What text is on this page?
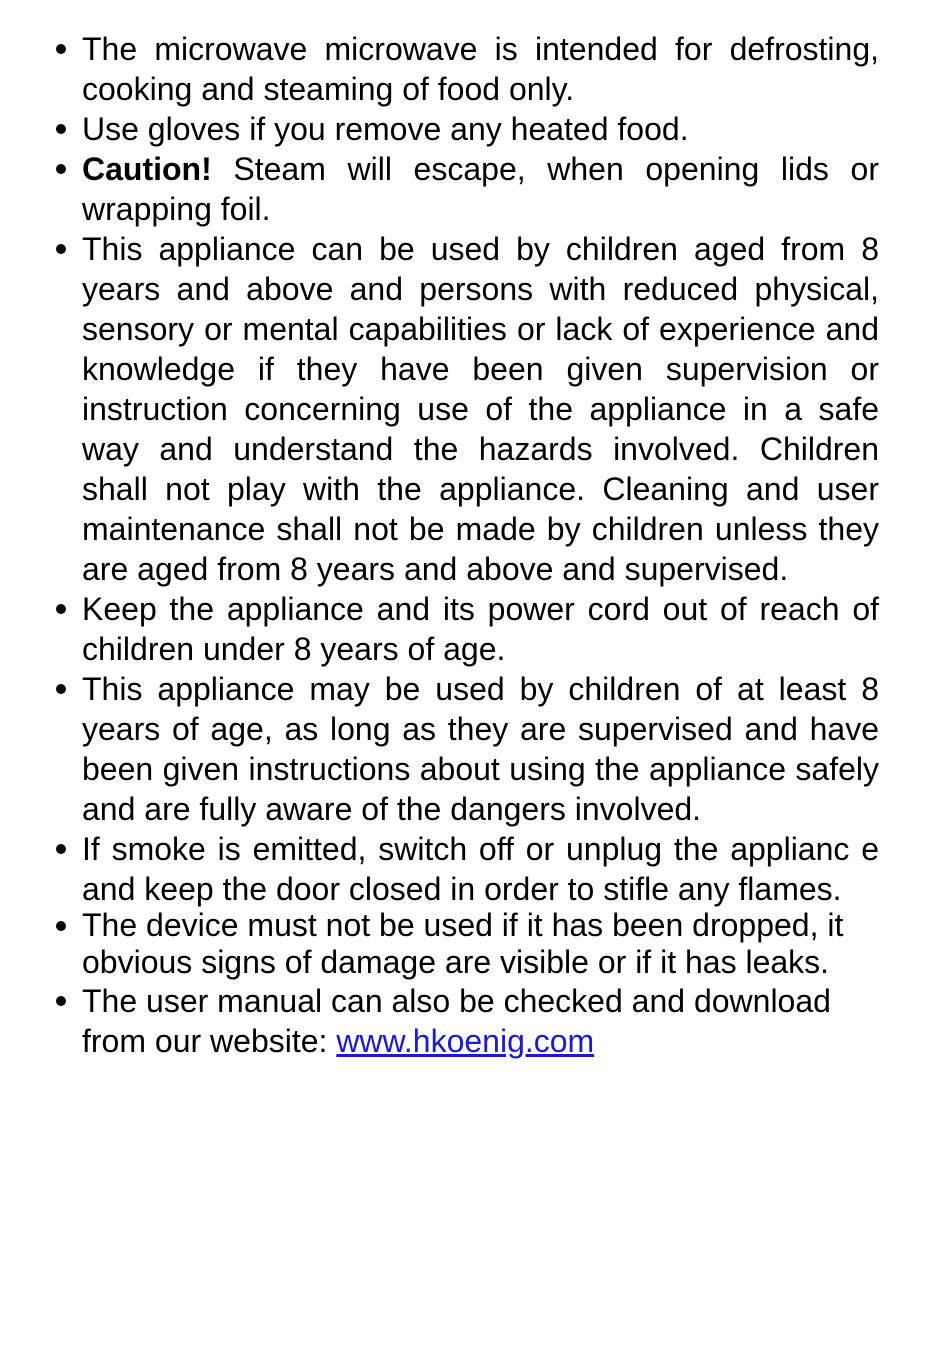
The microwave microwave is intended for defrosting, cooking and steaming of food only.
Use gloves if you remove any heated food.
Caution! Steam will escape, when opening lids or wrapping foil.
This appliance can be used by children aged from 8 years and above and persons with reduced physical, sensory or mental capabilities or lack of experience and knowledge if they have been given supervision or instruction concerning use of the appliance in a safe way and understand the hazards involved. Children shall not play with the appliance. Cleaning and user maintenance shall not be made by children unless they are aged from 8 years and above and supervised.
Keep the appliance and its power cord out of reach of children under 8 years of age.
This appliance may be used by children of at least 8 years of age, as long as they are supervised and have been given instructions about using the appliance safely and are fully aware of the dangers involved.
If smoke is emitted, switch off or unplug the applianc e and keep the door closed in order to stifle any flames.
The device must not be used if it has been dropped, it obvious signs of damage are visible or if it has leaks.
The user manual can also be checked and download from our website: www.hkoenig.com
